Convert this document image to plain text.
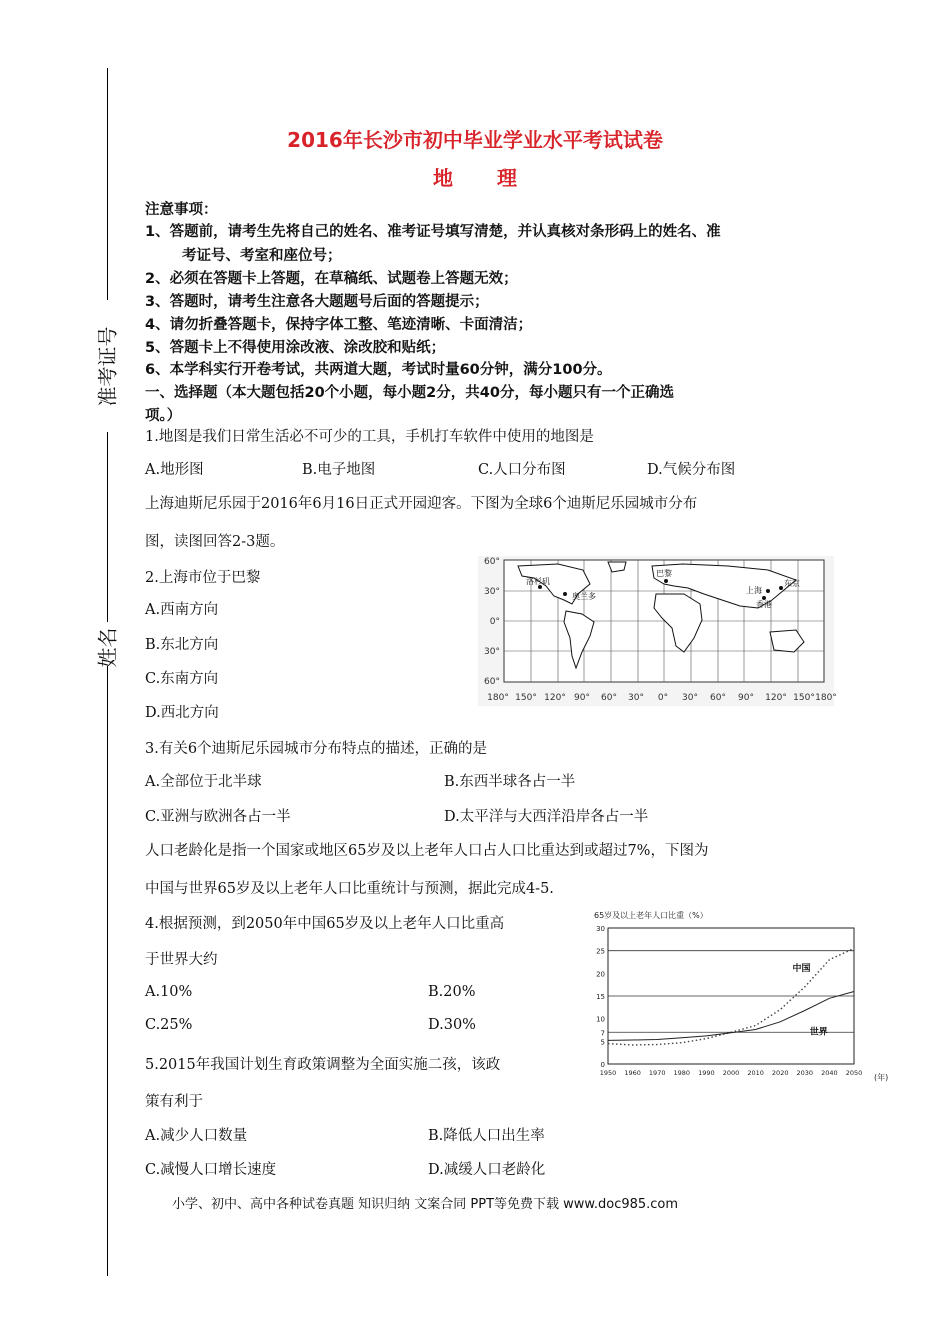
准考证号
姓名
2016年长沙市初中毕业学业水平考试试卷
地理
注意事项：
1、答题前，请考生先将自己的姓名、准考证号填写清楚，并认真核对条形码上的姓名、准
考证号、考室和座位号；
2、必须在答题卡上答题，在草稿纸、试题卷上答题无效；
3、答题时，请考生注意各大题题号后面的答题提示；
4、请勿折叠答题卡，保持字体工整、笔迹清晰、卡面清洁；
5、答题卡上不得使用涂改液、涂改胶和贴纸；
6、本学科实行开卷考试，共两道大题，考试时量60分钟，满分100分。
一、选择题（本大题包括20个小题，每小题2分，共40分，每小题只有一个正确选
项。）
1.地图是我们日常生活必不可少的工具，手机打车软件中使用的地图是
A.地形图	B.电子地图	C.人口分布图	D.气候分布图
上海迪斯尼乐园于2016年6月16日正式开园迎客。下图为全球6个迪斯尼乐园城市分布
图，读图回答2-3题。
2.上海市位于巴黎
A.西南方向
B.东北方向
C.东南方向
D.西北方向
洛杉矶
奥兰多
巴黎
上海
东京
香港
60°
30°
0°
30°
60°
180° 150° 120° 90° 60° 30° 0° 30° 60° 90° 120° 150° 180°
3.有关6个迪斯尼乐园城市分布特点的描述，正确的是
A.全部位于北半球	B.东西半球各占一半
C.亚洲与欧洲各占一半	D.太平洋与大西洋沿岸各占一半
人口老龄化是指一个国家或地区65岁及以上老年人口占人口比重达到或超过7%，下图为
中国与世界65岁及以上老年人口比重统计与预测，据此完成4-5.
4.根据预测，到2050年中国65岁及以上老年人口比重高
于世界大约
A.10%	B.20%
C.25%	D.30%
5.2015年我国计划生育政策调整为全面实施二孩，该政
策有利于
A.减少人口数量	B.降低人口出生率
C.减慢人口增长速度	D.减缓人口老龄化
65岁及以上老年人口比重（%）
0
5
7
10
15
20
25
30
1950 1960 1970 1980 1990 2000 2010 2020 2030 2040 2050
中国
世界
(年)
小学、初中、高中各种试卷真题 知识归纳 文案合同 PPT等免费下载 www.doc985.com
